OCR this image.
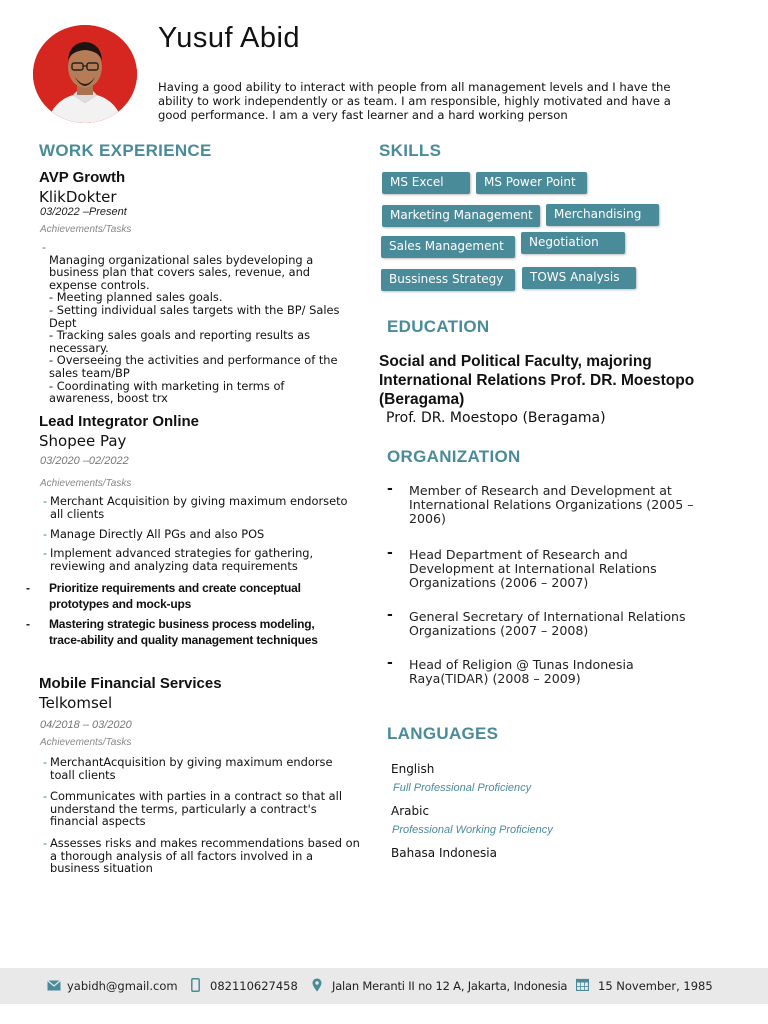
Yusuf Abid
Having a good ability to interact with people from all management levels and I have the ability to work independently or as team. I am responsible, highly motivated and have a good performance. I am a very fast learner and a hard working person
WORK EXPERIENCE
AVP Growth
KlikDokter
03/2022 –Present
Achievements/Tasks

-
Managing organizational sales bydeveloping a business plan that covers sales, revenue, and expense controls.
- Meeting planned sales goals.
- Setting individual sales targets with the BP/ Sales Dept
- Tracking sales goals and reporting results as necessary.
- Overseeing the activities and performance of the sales team/BP
- Coordinating with marketing in terms of awareness, boost trx

Lead Integrator Online
Shopee Pay
03/2020 –02/2022
Achievements/Tasks
- Merchant Acquisition by giving maximum endorseto all clients
- Manage Directly All PGs and also POS
- Implement advanced strategies for gathering, reviewing and analyzing data requirements
- Prioritize requirements and create conceptual prototypes and mock-ups
- Mastering strategic business process modeling, trace-ability and quality management techniques
Mobile Financial Services
Telkomsel
04/2018 – 03/2020
Achievements/Tasks
- MerchantAcquisition by giving maximum endorse toall clients
- Communicates with parties in a contract so that all understand the terms, particularly a contract's financial aspects
- Assesses risks and makes recommendations based on a thorough analysis of all factors involved in a business situation
SKILLS
MS Excel	MS Power Point
Marketing Management	Merchandising
Sales Management	Negotiation
Bussiness Strategy	TOWS Analysis
EDUCATION
Social and Political Faculty, majoring International Relations Prof. DR. Moestopo (Beragama)
Prof. DR. Moestopo (Beragama)
ORGANIZATION
- Member of Research and Development at International Relations Organizations (2005 – 2006)
- Head Department of Research and Development at International Relations Organizations (2006 – 2007)
- General Secretary of International Relations Organizations (2007 – 2008)
- Head of Religion @ Tunas Indonesia Raya(TIDAR) (2008 – 2009)
LANGUAGES
English
Full Professional Proficiency
Arabic
Professional Working Proficiency
Bahasa Indonesia
yabidh@gmail.com	082110627458	Jalan Meranti II no 12 A, Jakarta, Indonesia	15 November, 1985
